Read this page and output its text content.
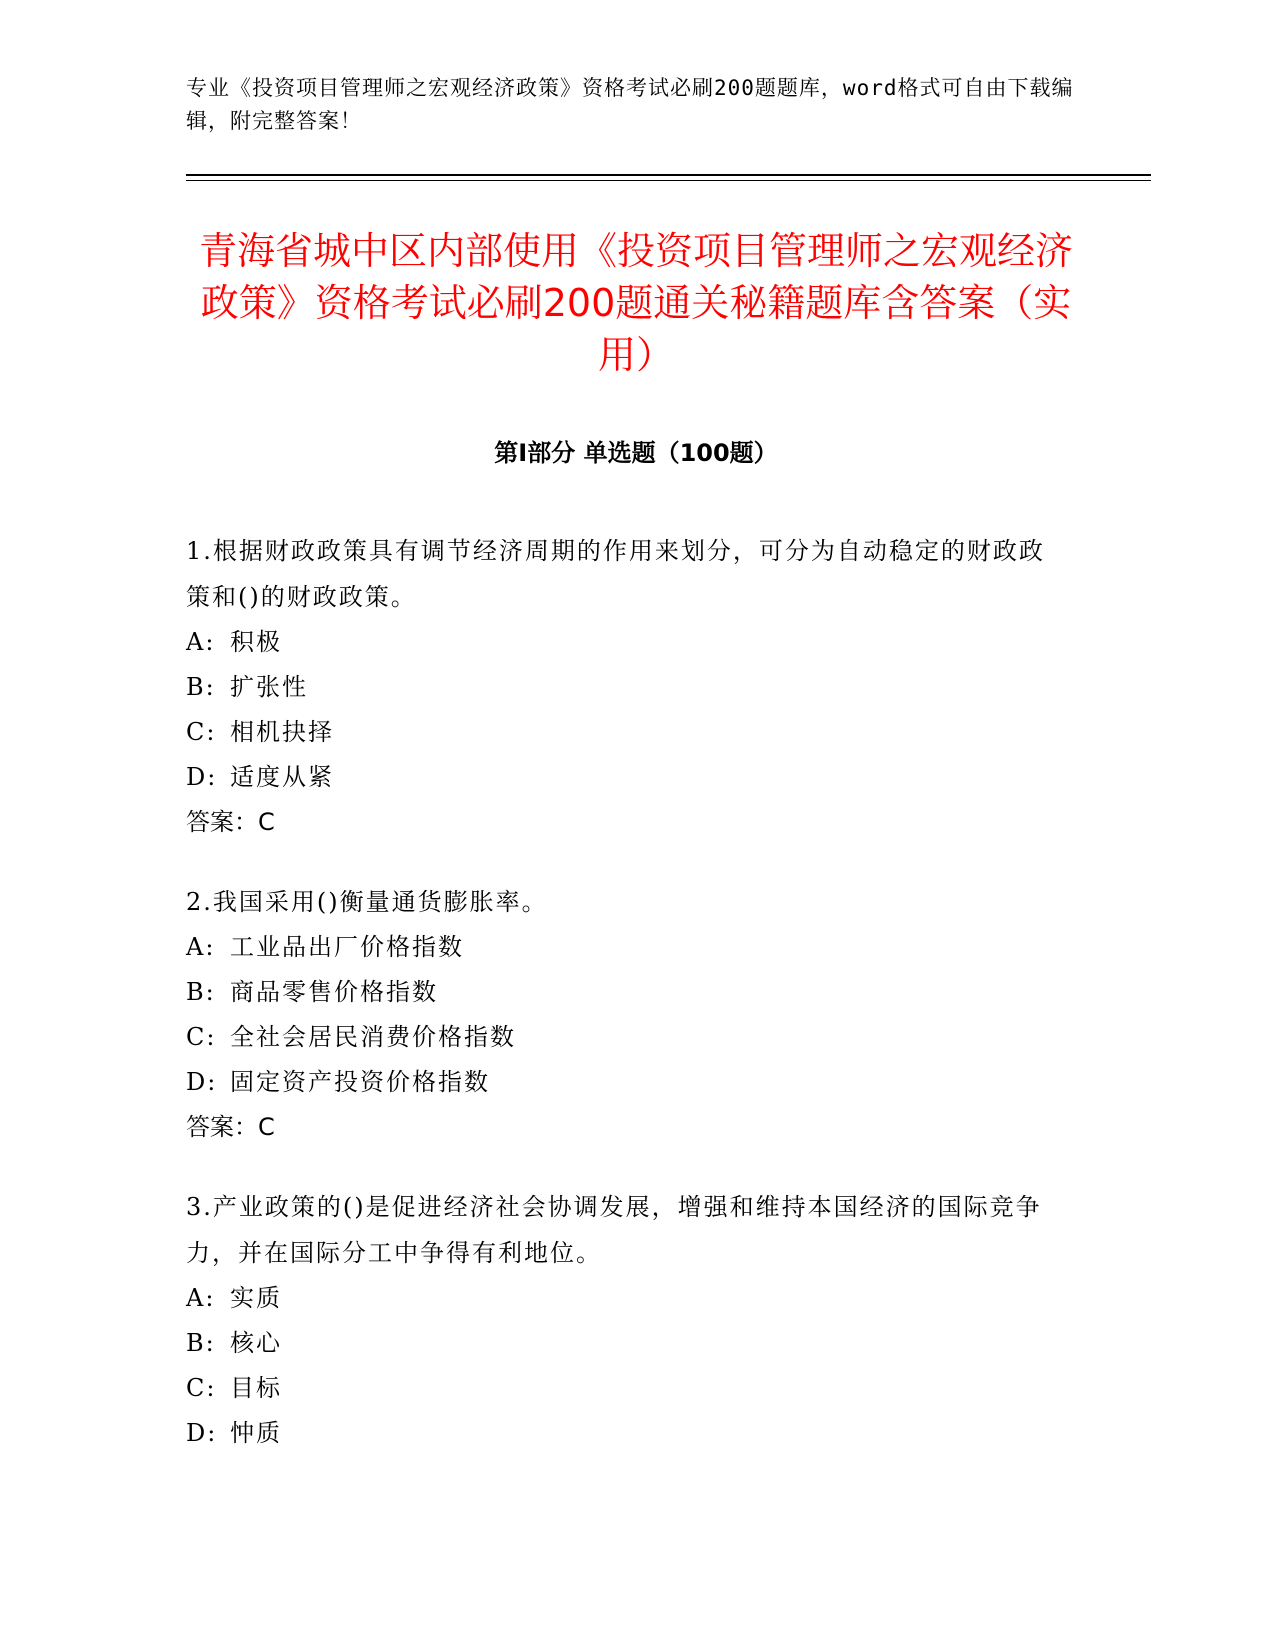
专业《投资项目管理师之宏观经济政策》资格考试必刷200题题库，word格式可自由下载编辑，附完整答案！
青海省城中区内部使用《投资项目管理师之宏观经济政策》资格考试必刷200题通关秘籍题库含答案（实用）
第Ⅰ部分 单选题（100题）

1.根据财政政策具有调节经济周期的作用来划分，可分为自动稳定的财政政策和()的财政政策。

A: 积极

B: 扩张性

C: 相机抉择

D: 适度从紧

答案：C

2.我国采用()衡量通货膨胀率。

A: 工业品出厂价格指数

B: 商品零售价格指数

C: 全社会居民消费价格指数

D: 固定资产投资价格指数

答案：C

3.产业政策的()是促进经济社会协调发展，增强和维持本国经济的国际竞争力，并在国际分工中争得有利地位。

A: 实质

B: 核心

C: 目标

D: 忡质
